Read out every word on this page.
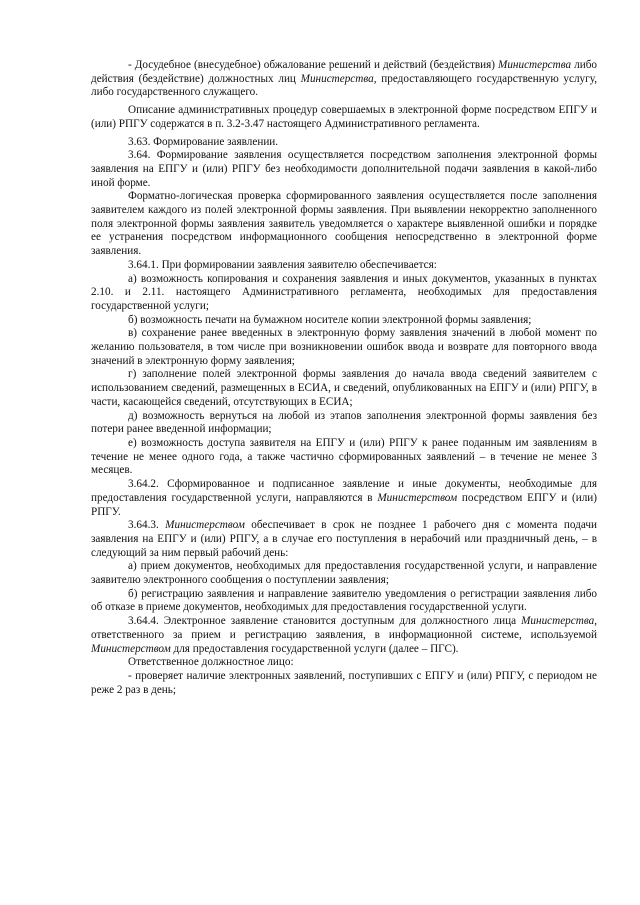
- Досудебное (внесудебное) обжалование решений и действий (бездействия) Министерства либо действия (бездействие) должностных лиц Министерства, предоставляющего государственную услугу, либо государственного служащего.

Описание административных процедур совершаемых в электронной форме посредством ЕПГУ и (или) РПГУ содержатся в п. 3.2-3.47 настоящего Административного регламента.

3.63. Формирование заявлении.

3.64. Формирование заявления осуществляется посредством заполнения электронной формы заявления на ЕПГУ и (или) РПГУ без необходимости дополнительной подачи заявления в какой-либо иной форме.

Форматно-логическая проверка сформированного заявления осуществляется после заполнения заявителем каждого из полей электронной формы заявления. При выявлении некорректно заполненного поля электронной формы заявления заявитель уведомляется о характере выявленной ошибки и порядке ее устранения посредством информационного сообщения непосредственно в электронной форме заявления.

3.64.1. При формировании заявления заявителю обеспечивается:

а) возможность копирования и сохранения заявления и иных документов, указанных в пунктах 2.10. и 2.11. настоящего Административного регламента, необходимых для предоставления государственной услуги;

б) возможность печати на бумажном носителе копии электронной формы заявления;

в) сохранение ранее введенных в электронную форму заявления значений в любой момент по желанию пользователя, в том числе при возникновении ошибок ввода и возврате для повторного ввода значений в электронную форму заявления;

г) заполнение полей электронной формы заявления до начала ввода сведений заявителем с использованием сведений, размещенных в ЕСИА, и сведений, опубликованных на ЕПГУ и (или) РПГУ, в части, касающейся сведений, отсутствующих в ЕСИА;

д) возможность вернуться на любой из этапов заполнения электронной формы заявления без потери ранее введенной информации;

е) возможность доступа заявителя на ЕПГУ и (или) РПГУ к ранее поданным им заявлениям в течение не менее одного года, а также частично сформированных заявлений – в течение не менее 3 месяцев.

3.64.2. Сформированное и подписанное заявление и иные документы, необходимые для предоставления государственной услуги, направляются в Министерством посредством ЕПГУ и (или) РПГУ.

3.64.3. Министерством обеспечивает в срок не позднее 1 рабочего дня с момента подачи заявления на ЕПГУ и (или) РПГУ, а в случае его поступления в нерабочий или праздничный день, – в следующий за ним первый рабочий день:

а) прием документов, необходимых для предоставления государственной услуги, и направление заявителю электронного сообщения о поступлении заявления;

б) регистрацию заявления и направление заявителю уведомления о регистрации заявления либо об отказе в приеме документов, необходимых для предоставления государственной услуги.

3.64.4. Электронное заявление становится доступным для должностного лица Министерства, ответственного за прием и регистрацию заявления, в информационной системе, используемой Министерством для предоставления государственной услуги (далее – ПГС).

Ответственное должностное лицо:

- проверяет наличие электронных заявлений, поступивших с ЕПГУ и (или) РПГУ, с периодом не реже 2 раз в день;
